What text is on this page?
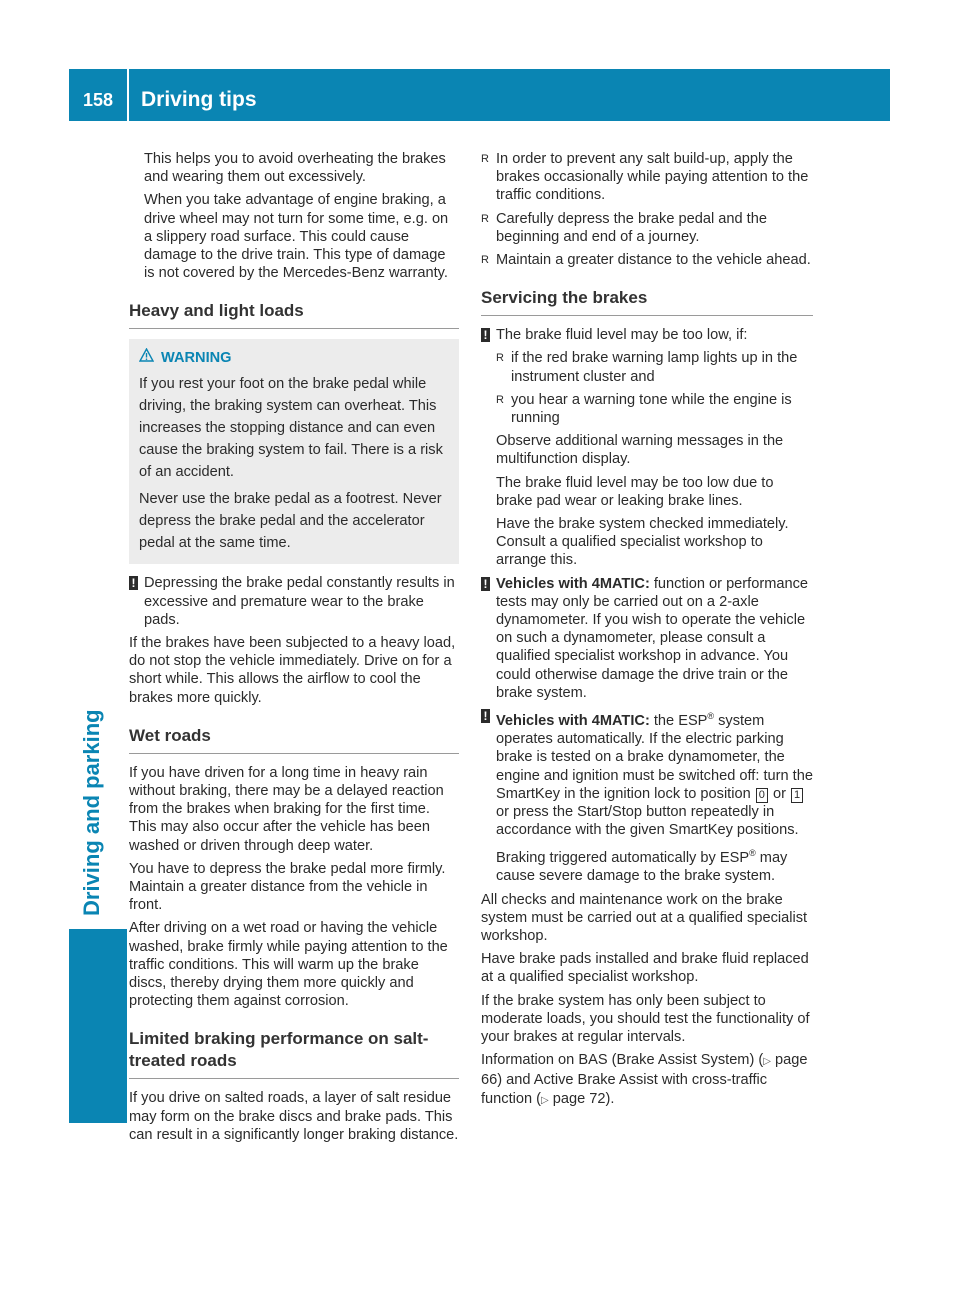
158	Driving tips
Driving and parking

This helps you to avoid overheating the brakes and wearing them out excessively.

When you take advantage of engine braking, a drive wheel may not turn for some time, e.g. on a slippery road surface. This could cause damage to the drive train. This type of damage is not covered by the Mercedes-Benz warranty.

Heavy and light loads
WARNING

If you rest your foot on the brake pedal while driving, the braking system can overheat. This increases the stopping distance and can even cause the braking system to fail. There is a risk of an accident.

Never use the brake pedal as a footrest. Never depress the brake pedal and the accelerator pedal at the same time.

! Depressing the brake pedal constantly results in excessive and premature wear to the brake pads.

If the brakes have been subjected to a heavy load, do not stop the vehicle immediately. Drive on for a short while. This allows the airflow to cool the brakes more quickly.

Wet roads

If you have driven for a long time in heavy rain without braking, there may be a delayed reaction from the brakes when braking for the first time. This may also occur after the vehicle has been washed or driven through deep water.

You have to depress the brake pedal more firmly. Maintain a greater distance from the vehicle in front.

After driving on a wet road or having the vehicle washed, brake firmly while paying attention to the traffic conditions. This will warm up the brake discs, thereby drying them more quickly and protecting them against corrosion.

Limited braking performance on salt-treated roads

If you drive on salted roads, a layer of salt residue may form on the brake discs and brake pads. This can result in a significantly longer braking distance.

R In order to prevent any salt build-up, apply the brakes occasionally while paying attention to the traffic conditions.
R Carefully depress the brake pedal and the beginning and end of a journey.
R Maintain a greater distance to the vehicle ahead.
Servicing the brakes
! The brake fluid level may be too low, if:

R if the red brake warning lamp lights up in the instrument cluster and
R you hear a warning tone while the engine is running

Observe additional warning messages in the multifunction display.

The brake fluid level may be too low due to brake pad wear or leaking brake lines.

Have the brake system checked immediately. Consult a qualified specialist workshop to arrange this.

! Vehicles with 4MATIC: function or performance tests may only be carried out on a 2-axle dynamometer. If you wish to operate the vehicle on such a dynamometer, please consult a qualified specialist workshop in advance. You could otherwise damage the drive train or the brake system.

! Vehicles with 4MATIC: the ESP® system operates automatically. If the electric parking brake is tested on a brake dynamometer, the engine and ignition must be switched off: turn the SmartKey in the ignition lock to position 0 or 1 or press the Start/Stop button repeatedly in accordance with the given SmartKey positions.

Braking triggered automatically by ESP® may cause severe damage to the brake system.

All checks and maintenance work on the brake system must be carried out at a qualified specialist workshop.

Have brake pads installed and brake fluid replaced at a qualified specialist workshop.

If the brake system has only been subject to moderate loads, you should test the functionality of your brakes at regular intervals.

Information on BAS (Brake Assist System) (▷ page 66) and Active Brake Assist with cross-traffic function (▷ page 72).
